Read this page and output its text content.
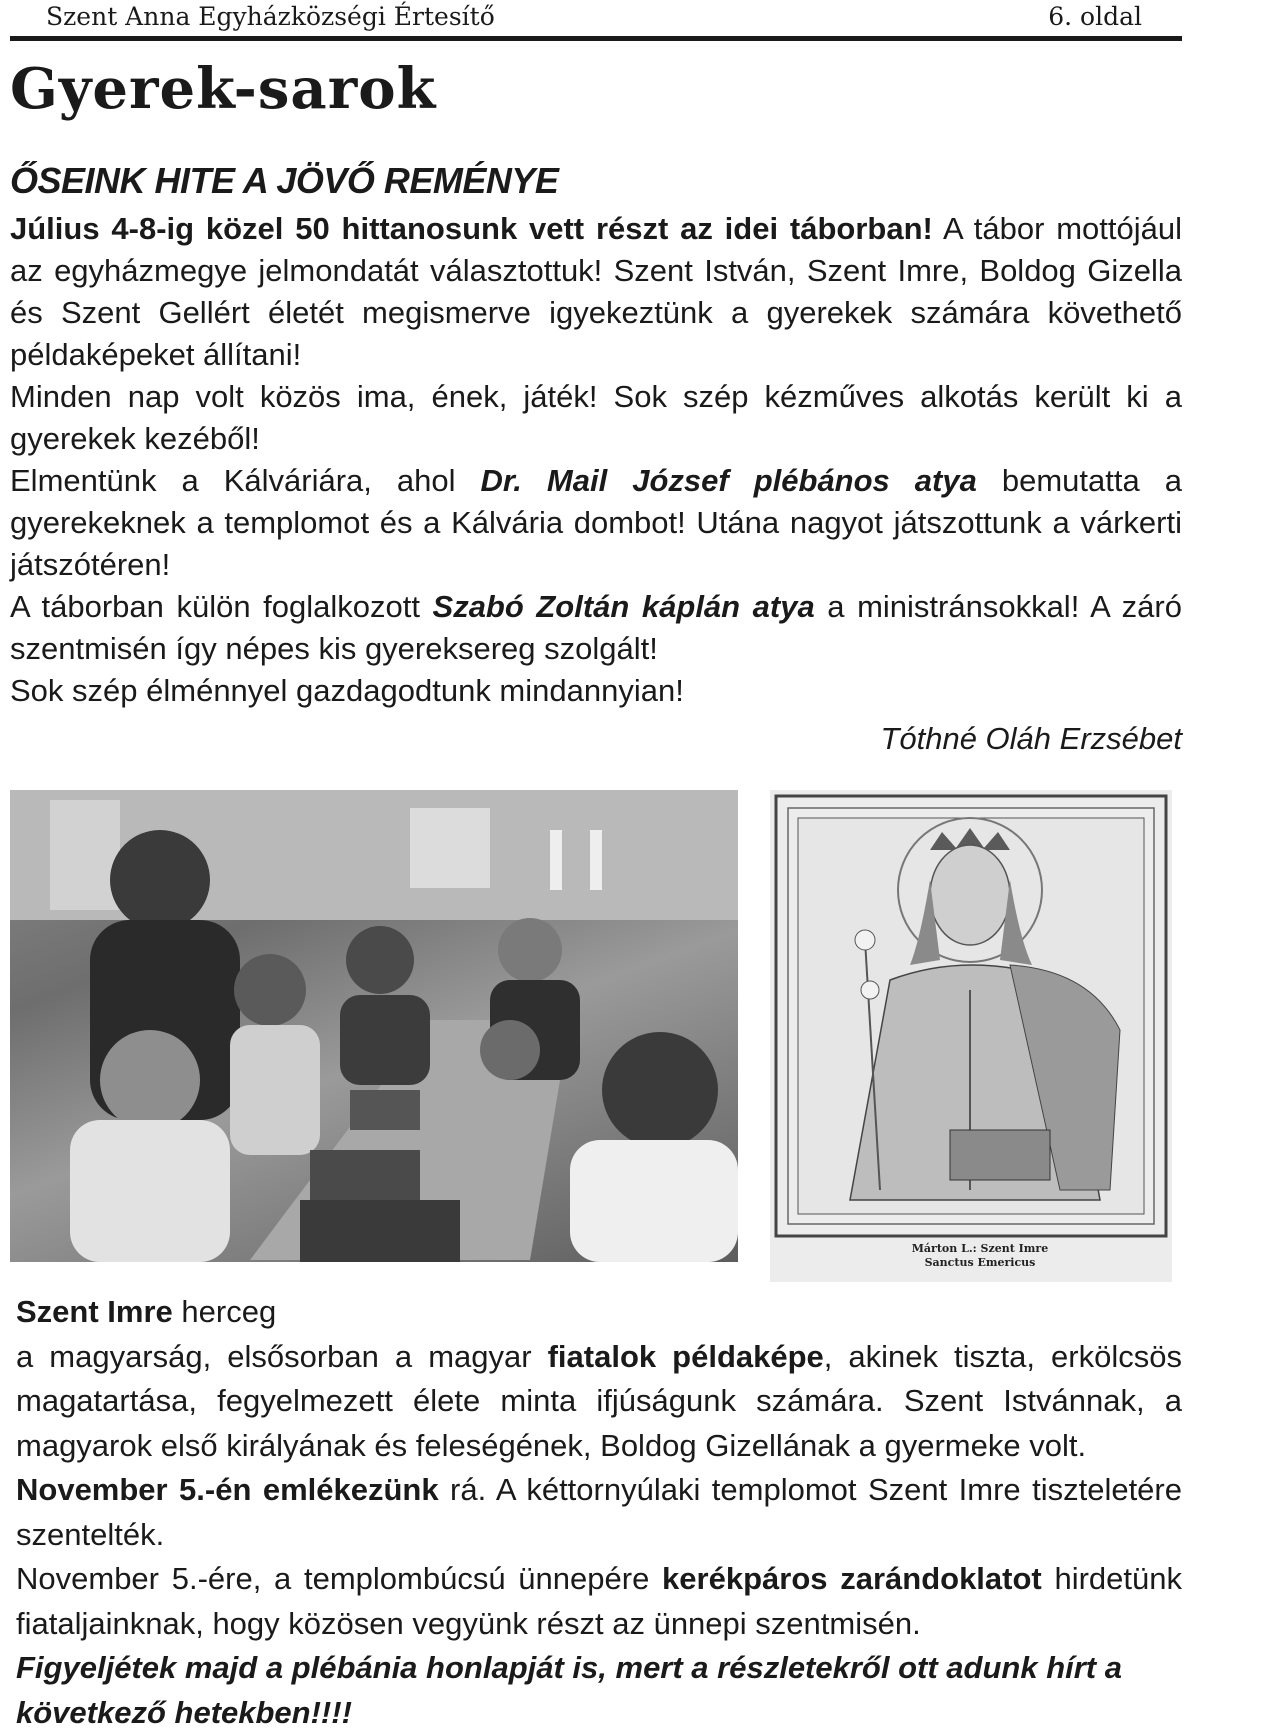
Szent Anna Egyházközségi Értesítő	6. oldal
Gyerek-sarok
ŐSEINK HITE A JÖVŐ REMÉNYE

Július 4-8-ig közel 50 hittanosunk vett részt az idei táborban! A tábor mottójául az egyházmegye jelmondatát választottuk! Szent István, Szent Imre, Boldog Gizella és Szent Gellért életét megismerve igyekeztünk a gyerekek számára követhető példaképeket állítani!

Minden nap volt közös ima, ének, játék! Sok szép kézműves alkotás került ki a gyerekek kezéből!

Elmentünk a Kálváriára, ahol Dr. Mail József plébános atya bemutatta a gyerekeknek a templomot és a Kálvária dombot! Utána nagyot játszottunk a várkerti játszótéren!

A táborban külön foglalkozott Szabó Zoltán káplán atya a ministránsokkal! A záró szentmisén így népes kis gyereksereg szolgált!

Sok szép élménnyel gazdagodtunk mindannyian!

Tóthné Oláh Erzsébet

Márton L.: Szent Imre
Sanctus Emericus

Szent Imre herceg

a magyarság, elsősorban a magyar fiatalok példaképe, akinek tiszta, erkölcsös magatartása, fegyelmezett élete minta ifjúságunk számára. Szent Istvánnak, a magyarok első királyának és feleségének, Boldog Gizellának a gyermeke volt.

November 5.-én emlékezünk rá. A kéttornyúlaki templomot Szent Imre tiszteletére szentelték.

November 5.-ére, a templombúcsú ünnepére kerékpáros zarándoklatot hirdetünk fiataljainknak, hogy közösen vegyünk részt az ünnepi szentmisén.

Figyeljétek majd a plébánia honlapját is, mert a részletekről ott adunk hírt a következő hetekben!!!!
